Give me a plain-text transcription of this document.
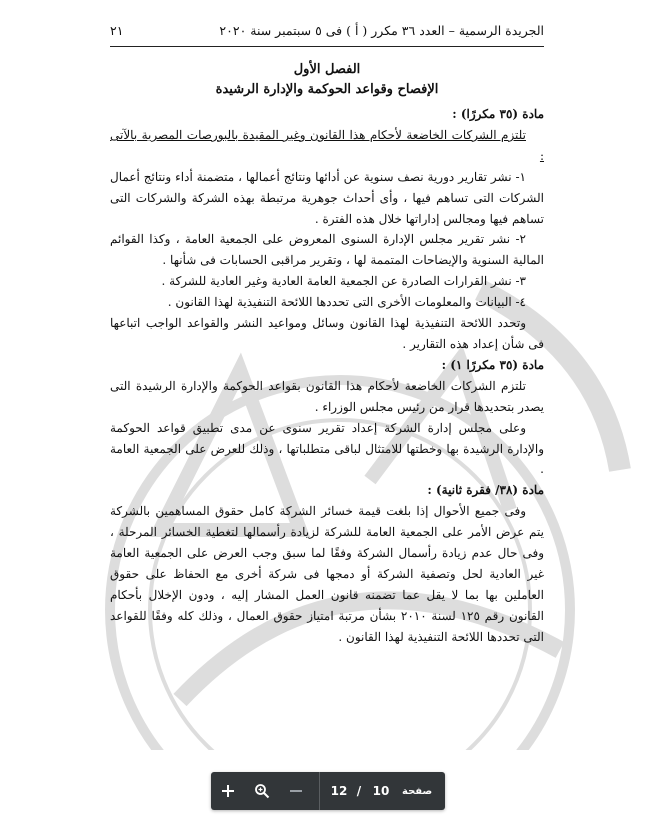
الجريدة الرسمية – العدد ٣٦ مكرر ( أ ) فى ٥ سبتمبر سنة ٢٠٢٠
٢١

الفصل الأول

الإفصاح وقواعد الحوكمة والإدارة الرشيدة

مادة (٣٥ مكررًا) :

تلتزم الشركات الخاضعة لأحكام هذا القانون وغير المقيدة بالبورصات المصرية بالآتى :

١- نشر تقارير دورية نصف سنوية عن أدائها ونتائج أعمالها ، متضمنة أداء ونتائج أعمال الشركات التى تساهم فيها ، وأى أحداث جوهرية مرتبطة بهذه الشركة والشركات التى تساهم فيها ومجالس إداراتها خلال هذه الفترة .

٢- نشر تقرير مجلس الإدارة السنوى المعروض على الجمعية العامة ، وكذا القوائم المالية السنوية والإيضاحات المتممة لها ، وتقرير مراقبى الحسابات فى شأنها .

٣- نشر القرارات الصادرة عن الجمعية العامة العادية وغير العادية للشركة .

٤- البيانات والمعلومات الأخرى التى تحددها اللائحة التنفيذية لهذا القانون .

وتحدد اللائحة التنفيذية لهذا القانون وسائل ومواعيد النشر والقواعد الواجب اتباعها فى شأن إعداد هذه التقارير .

مادة (٣٥ مكررًا ١) :

تلتزم الشركات الخاضعة لأحكام هذا القانون بقواعد الحوكمة والإدارة الرشيدة التى يصدر بتحديدها قرار من رئيس مجلس الوزراء .

وعلى مجلس إدارة الشركة إعداد تقرير سنوى عن مدى تطبيق قواعد الحوكمة والإدارة الرشيدة بها وخطتها للامتثال لباقى متطلباتها ، وذلك للعرض على الجمعية العامة .

مادة (٣٨/ فقرة ثانية) :

وفى جميع الأحوال إذا بلغت قيمة خسائر الشركة كامل حقوق المساهمين بالشركة يتم عرض الأمر على الجمعية العامة للشركة لزيادة رأسمالها لتغطية الخسائر المرحلة ، وفى حال عدم زيادة رأسمال الشركة وفقًا لما سبق وجب العرض على الجمعية العامة غير العادية لحل وتصفية الشركة أو دمجها فى شركة أخرى مع الحفاظ على حقوق العاملين بها بما لا يقل عما تضمنه قانون العمل المشار إليه ، ودون الإخلال بأحكام القانون رقم ١٢٥ لسنة ٢٠١٠ بشأن مرتبة امتياز حقوق العمال ، وذلك كله وفقًا للقواعد التى تحددها اللائحة التنفيذية لهذا القانون .

12 /
10	صفحة
